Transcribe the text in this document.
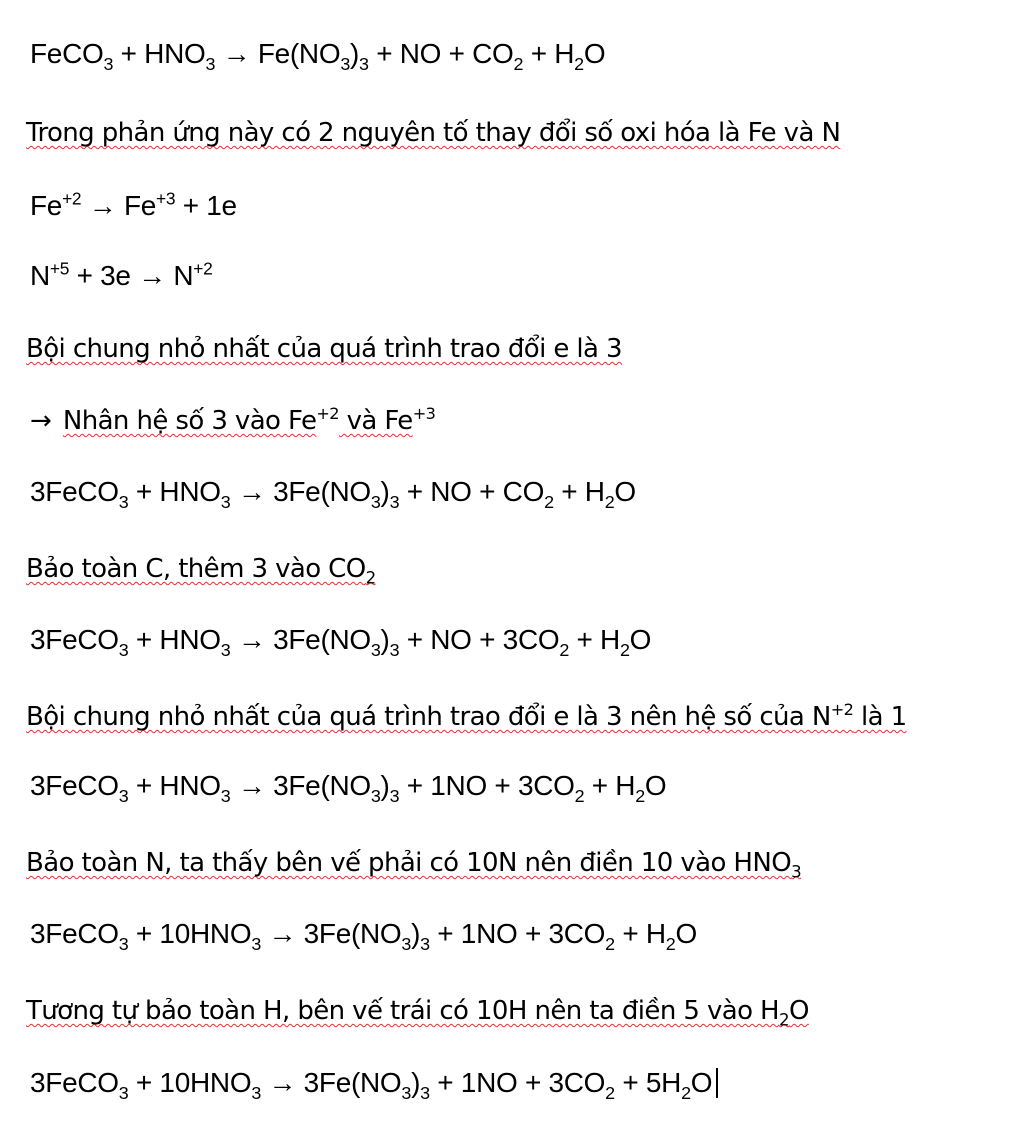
FeCO$_3$ + $HNO_3 \to Fe(NO_3)_3$ + NO + $CO_2 + H_2O$
Trong phản ứng này có 2 nguyên tố thay đổi số oxi hóa là Fe và N
$Fe^{+2} \to Fe^{+3} + 1e$
$N^{+5} + 3e \to N^{+2}$
Bội chung nhỏ nhất của quá trình trao đổi e là 3
→ Nhân hệ số 3 vào $Fe^{+2}$ và $Fe^{+3}$
3FeCO$_3$ + $HNO_3 \to 3Fe(NO_3)_3$ + NO + $CO_2 + H_2O$
Bảo toàn C, thêm 3 vào $CO_2$
3FeCO$_3$ + $HNO_3 \to 3Fe(NO_3)_3$ + NO + $3CO_2 + H_2O$
Bội chung nhỏ nhất của quá trình trao đổi e là 3 nên hệ số của $N^{+2}$ là 1
3FeCO$_3$ + $HNO_3 \to 3Fe(NO_3)_3 + 1NO + 3CO_2 + H_2O$
Bảo toàn N, ta thấy bên vế phải có 10N nên điền 10 vào $HNO_3$
3FeCO$_3$ + $10HNO_3 \to 3Fe(NO_3)_3 + 1NO + 3CO_2 + H_2O$
Tương tự bảo toàn H, bên vế trái có 10H nên ta điền 5 vào $H_2O$
3FeCO$_3$ + $10HNO_3 \to 3Fe(NO_3)_3 + 1NO + 3CO_2 + 5H_2O$
